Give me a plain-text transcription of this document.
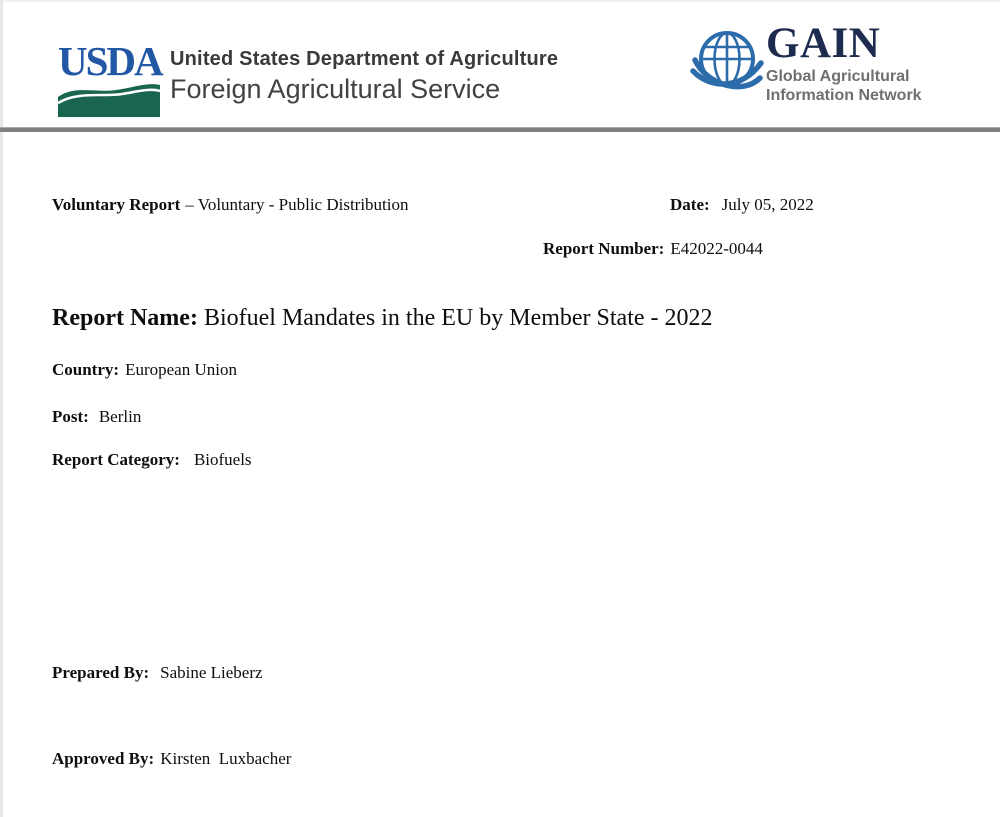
USDA United States Department of Agriculture
Foreign Agricultural Service
GAIN
Global Agricultural
Information Network
Voluntary Report – Voluntary - Public Distribution	Date: July 05, 2022
Report Number: E42022-0044
Report Name: Biofuel Mandates in the EU by Member State - 2022
Country: European Union
Post: Berlin
Report Category: Biofuels
Prepared By: Sabine Lieberz
Approved By: Kirsten  Luxbacher
